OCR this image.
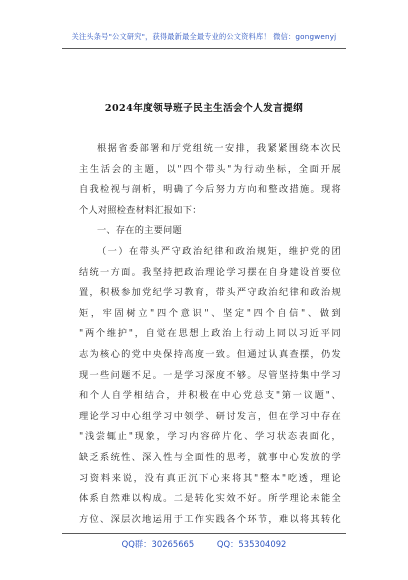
关注头条号"公文研究"，获得最新最全最专业的公文资料库！ 微信：gongwenyj
2024年度领导班子民主生活会个人发言提纲
根据省委部署和厅党组统一安排，我紧紧围绕本次民
主生活会的主题，以"四个带头"为行动坐标，全面开展
自我检视与剖析，明确了今后努力方向和整改措施。现将
个人对照检查材料汇报如下：
一、存在的主要问题
（一）在带头严守政治纪律和政治规矩，维护党的团
结统一方面。我坚持把政治理论学习摆在自身建设首要位
置，积极参加党纪学习教育，带头严守政治纪律和政治规
矩，牢固树立"四个意识"、坚定"四个自信"、做到
"两个维护"，自觉在思想上政治上行动上同以习近平同
志为核心的党中央保持高度一致。但通过认真查摆，仍发
现一些问题不足。一是学习深度不够。尽管坚持集中学习
和个人自学相结合，并积极在中心党总支"第一议题"、
理论学习中心组学习中领学、研讨发言，但在学习中存在
"浅尝辄止"现象，学习内容碎片化、学习状态表面化，
缺乏系统性、深入性与全面性的思考，就事中心发放的学
习资料来说，没有真正沉下心来将其"整本"吃透，理论
体系自然难以构成。二是转化实效不好。所学理论未能全
方位、深层次地运用于工作实践各个环节，难以将其转化
QQ群：30265665	QQ：535304092
